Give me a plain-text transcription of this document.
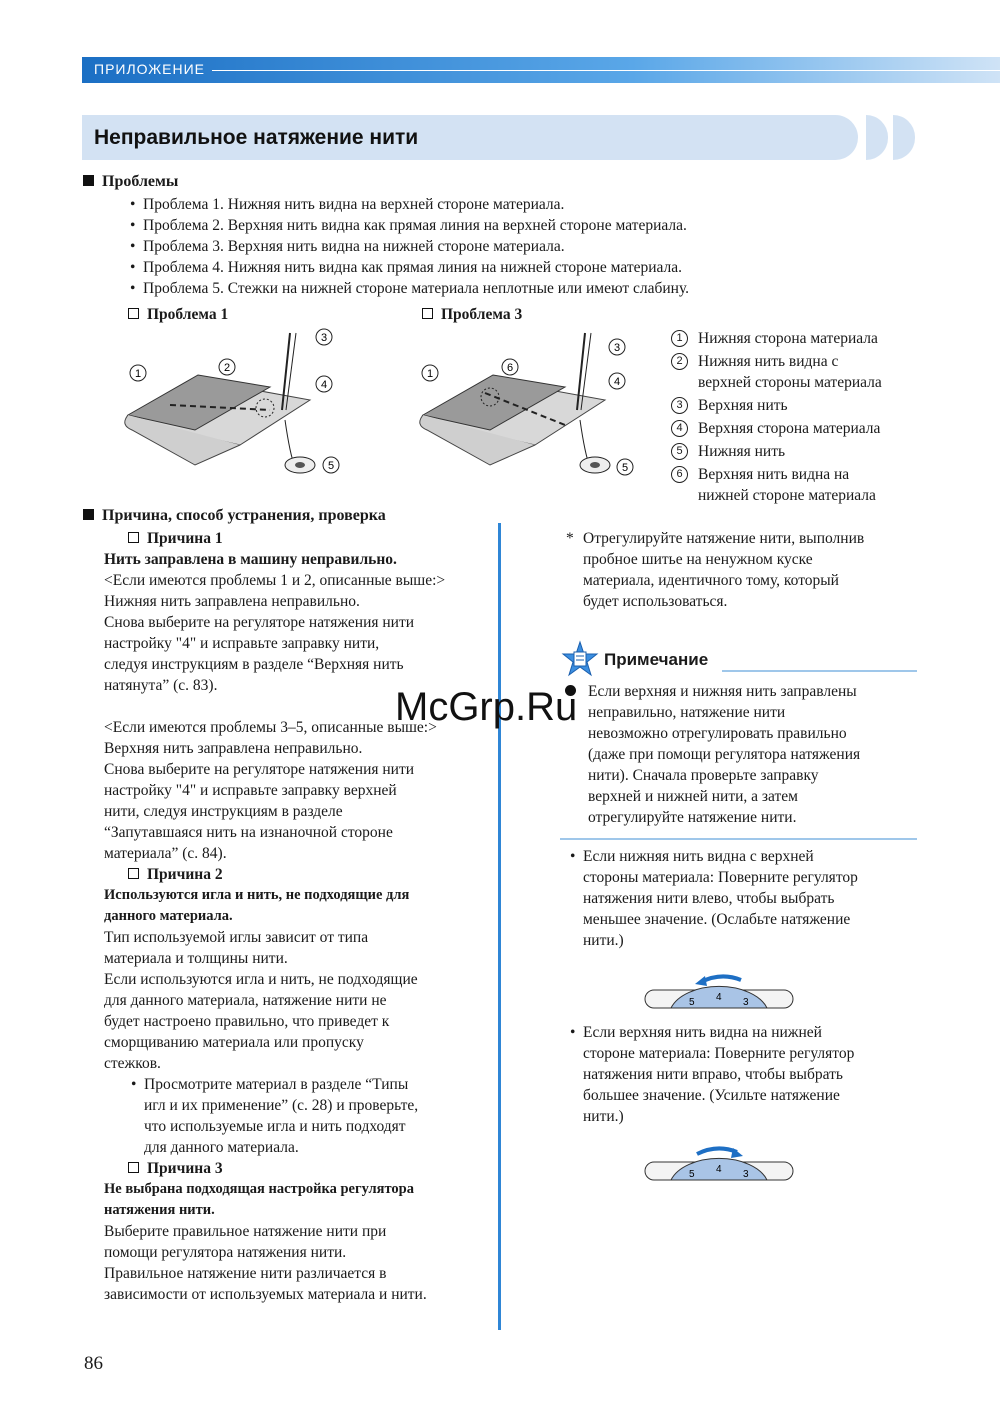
ПРИЛОЖЕНИЕ
Неправильное натяжение нити
Проблемы
• Проблема 1. Нижняя нить видна на верхней стороне материала.
• Проблема 2. Верхняя нить видна как прямая линия на верхней стороне материала.
• Проблема 3. Верхняя нить видна на нижней стороне материала.
• Проблема 4. Нижняя нить видна как прямая линия на нижней стороне материала.
• Проблема 5. Стежки на нижней стороне материала неплотные или имеют слабину.
Проблема 1	Проблема 3
1	2
3
4
5
1	6
3
4
5
1 Нижняя сторона материала
2 Нижняя нить видна с
верхней стороны материала
3 Верхняя нить
4 Верхняя сторона материала
5 Нижняя нить
6 Верхняя нить видна на
нижней стороне материала
Причина, способ устранения, проверка
Причина 1
Нить заправлена в машину неправильно.
<Если имеются проблемы 1 и 2, описанные выше:>
Нижняя нить заправлена неправильно.
Снова выберите на регуляторе натяжения нити
настройку "4" и исправьте заправку нити,
следуя инструкциям в разделе “Верхняя нить
натянута” (с. 83).
<Если имеются проблемы 3–5, описанные выше:>
Верхняя нить заправлена неправильно.
Снова выберите на регуляторе натяжения нити
настройку "4" и исправьте заправку верхней
нити, следуя инструкциям в разделе
“Запутавшаяся нить на изнаночной стороне
материала” (с. 84).
Причина 2
Используются игла и нить, не подходящие для
данного материала.
Тип используемой иглы зависит от типа
материала и толщины нити.
Если используются игла и нить, не подходящие
для данного материала, натяжение нити не
будет настроено правильно, что приведет к
сморщиванию материала или пропуску
стежков.
• Просмотрите материал в разделе “Типы
игл и их применение” (с. 28) и проверьте,
что используемые игла и нить подходят
для данного материала.
Причина 3
Не выбрана подходящая настройка регулятора
натяжения нити.
Выберите правильное натяжение нити при
помощи регулятора натяжения нити.
Правильное натяжение нити различается в
зависимости от используемых материала и нити.
* Отрегулируйте натяжение нити, выполнив
пробное шитье на ненужном куске
материала, идентичного тому, который
будет использоваться.
Примечание
Если верхняя и нижняя нить заправлены
неправильно, натяжение нити
невозможно отрегулировать правильно
(даже при помощи регулятора натяжения
нити). Сначала проверьте заправку
верхней и нижней нити, а затем
отрегулируйте натяжение нити.
• Если нижняя нить видна с верхней
стороны материала: Поверните регулятор
натяжения нити влево, чтобы выбрать
меньшее значение. (Ослабьте натяжение
нити.)
5 4 3
• Если верхняя нить видна на нижней
стороне материала: Поверните регулятор
натяжения нити вправо, чтобы выбрать
большее значение. (Усильте натяжение
нити.)
5 4 3
McGrp.Ru
86
